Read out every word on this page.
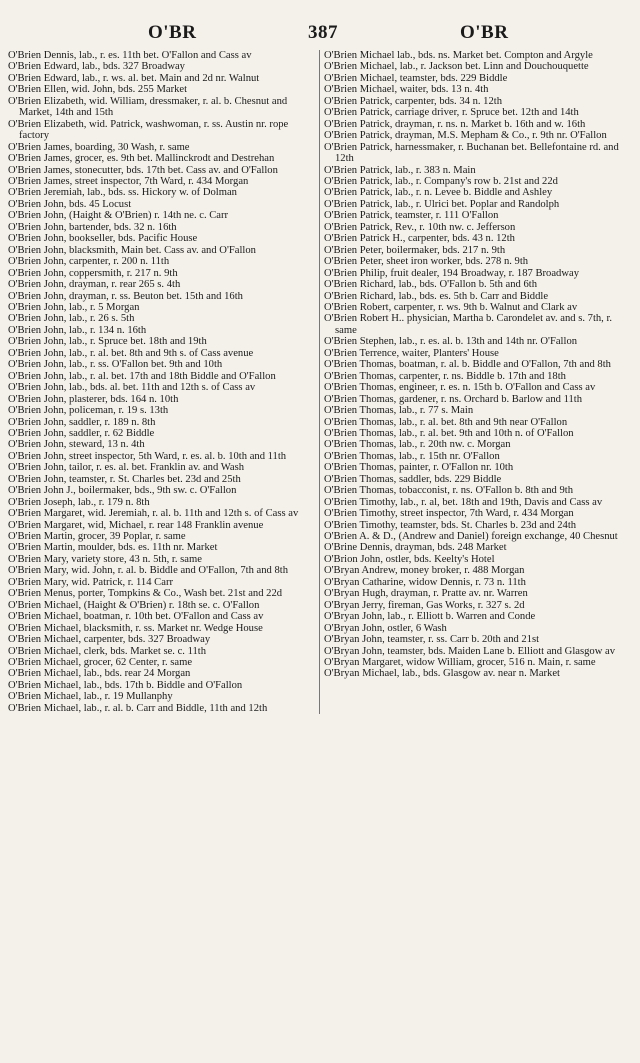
O'BR	387	O'BR

O'Brien Dennis, lab., r. es. 11th bet. O'Fallon and Cass av

O'Brien Edward, lab., bds. 327 Broadway

O'Brien Edward, lab., r. ws. al. bet. Main and 2d nr. Walnut

O'Brien Ellen, wid. John, bds. 255 Market

O'Brien Elizabeth, wid. William, dressmaker, r. al. b. Chesnut and Market, 14th and 15th

O'Brien Elizabeth, wid. Patrick, washwoman, r. ss. Austin nr. rope factory

O'Brien James, boarding, 30 Wash, r. same

O'Brien James, grocer, es. 9th bet. Mallinckrodt and Destrehan

O'Brien James, stonecutter, bds. 17th bet. Cass av. and O'Fallon

O'Brien James, street inspector, 7th Ward, r. 434 Morgan

O'Brien Jeremiah, lab., bds. ss. Hickory w. of Dolman

O'Brien John, bds. 45 Locust

O'Brien John, (Haight & O'Brien) r. 14th ne. c. Carr

O'Brien John, bartender, bds. 32 n. 16th

O'Brien John, bookseller, bds. Pacific House

O'Brien John, blacksmith, Main bet. Cass av. and O'Fallon

O'Brien John, carpenter, r. 200 n. 11th

O'Brien John, coppersmith, r. 217 n. 9th

O'Brien John, drayman, r. rear 265 s. 4th

O'Brien John, drayman, r. ss. Beuton bet. 15th and 16th

O'Brien John, lab., r. 5 Morgan

O'Brien John, lab., r. 26 s. 5th

O'Brien John, lab., r. 134 n. 16th

O'Brien John, lab., r. Spruce bet. 18th and 19th

O'Brien John, lab., r. al. bet. 8th and 9th s. of Cass avenue

O'Brien John, lab., r. ss. O'Fallon bet. 9th and 10th

O'Brien John, lab., r. al. bet. 17th and 18th Biddle and O'Fallon

O'Brien John, lab., bds. al. bet. 11th and 12th s. of Cass av

O'Brien John, plasterer, bds. 164 n. 10th

O'Brien John, policeman, r. 19 s. 13th

O'Brien John, saddler, r. 189 n. 8th

O'Brien John, saddler, r. 62 Biddle

O'Brien John, steward, 13 n. 4th

O'Brien John, street inspector, 5th Ward, r. es. al. b. 10th and 11th

O'Brien John, tailor, r. es. al. bet. Franklin av. and Wash

O'Brien John, teamster, r. St. Charles bet. 23d and 25th

O'Brien John J., boilermaker, bds., 9th sw. c. O'Fallon

O'Brien Joseph, lab., r. 179 n. 8th

O'Brien Margaret, wid. Jeremiah, r. al. b. 11th and 12th s. of Cass av

O'Brien Margaret, wid, Michael, r. rear 148 Franklin avenue

O'Brien Martin, grocer, 39 Poplar, r. same

O'Brien Martin, moulder, bds. es. 11th nr. Market

O'Brien Mary, variety store, 43 n. 5th, r. same

O'Brien Mary, wid. John, r. al. b. Biddle and O'Fallon, 7th and 8th

O'Brien Mary, wid. Patrick, r. 114 Carr

O'Brien Menus, porter, Tompkins & Co., Wash bet. 21st and 22d

O'Brien Michael, (Haight & O'Brien) r. 18th se. c. O'Fallon

O'Brien Michael, boatman, r. 10th bet. O'Fallon and Cass av

O'Brien Michael, blacksmith, r. ss. Market nr. Wedge House

O'Brien Michael, carpenter, bds. 327 Broadway

O'Brien Michael, clerk, bds. Market se. c. 11th

O'Brien Michael, grocer, 62 Center, r. same

O'Brien Michael, lab., bds. rear 24 Morgan

O'Brien Michael, lab., bds. 17th b. Biddle and O'Fallon

O'Brien Michael, lab., r. 19 Mullanphy

O'Brien Michael, lab., r. al. b. Carr and Biddle, 11th and 12th

O'Brien Michael lab., bds. ns. Market bet. Compton and Argyle

O'Brien Michael, lab., r. Jackson bet. Linn and Douchouquette

O'Brien Michael, teamster, bds. 229 Biddle

O'Brien Michael, waiter, bds. 13 n. 4th

O'Brien Patrick, carpenter, bds. 34 n. 12th

O'Brien Patrick, carriage driver, r. Spruce bet. 12th and 14th

O'Brien Patrick, drayman, r. ns. n. Market b. 16th and w. 16th

O'Brien Patrick, drayman, M.S. Mepham & Co., r. 9th nr. O'Fallon

O'Brien Patrick, harnessmaker, r. Buchanan bet. Bellefontaine rd. and 12th

O'Brien Patrick, lab., r. 383 n. Main

O'Brien Patrick, lab., r. Company's row b. 21st and 22d

O'Brien Patrick, lab., r. n. Levee b. Biddle and Ashley

O'Brien Patrick, lab., r. Ulrici bet. Poplar and Randolph

O'Brien Patrick, teamster, r. 111 O'Fallon

O'Brien Patrick, Rev., r. 10th nw. c. Jefferson

O'Brien Patrick H., carpenter, bds. 43 n. 12th

O'Brien Peter, boilermaker, bds. 217 n. 9th

O'Brien Peter, sheet iron worker, bds. 278 n. 9th

O'Brien Philip, fruit dealer, 194 Broadway, r. 187 Broadway

O'Brien Richard, lab., bds. O'Fallon b. 5th and 6th

O'Brien Richard, lab., bds. es. 5th b. Carr and Biddle

O'Brien Robert, carpenter, r. ws. 9th b. Walnut and Clark av

O'Brien Robert H.. physician, Martha b. Carondelet av. and s. 7th, r. same

O'Brien Stephen, lab., r. es. al. b. 13th and 14th nr. O'Fallon

O'Brien Terrence, waiter, Planters' House

O'Brien Thomas, boatman, r. al. b. Biddle and O'Fallon, 7th and 8th

O'Brien Thomas, carpenter, r. ns. Biddle b. 17th and 18th

O'Brien Thomas, engineer, r. es. n. 15th b. O'Fallon and Cass av

O'Brien Thomas, gardener, r. ns. Orchard b. Barlow and 11th

O'Brien Thomas, lab., r. 77 s. Main

O'Brien Thomas, lab., r. al. bet. 8th and 9th near O'Fallon

O'Brien Thomas, lab., r. al. bet. 9th and 10th n. of O'Fallon

O'Brien Thomas, lab., r. 20th nw. c. Morgan

O'Brien Thomas, lab., r. 15th nr. O'Fallon

O'Brien Thomas, painter, r. O'Fallon nr. 10th

O'Brien Thomas, saddler, bds. 229 Biddle

O'Brien Thomas, tobacconist, r. ns. O'Fallon b. 8th and 9th

O'Brien Timothy, lab., r. al, bet. 18th and 19th, Davis and Cass av

O'Brien Timothy, street inspector, 7th Ward, r. 434 Morgan

O'Brien Timothy, teamster, bds. St. Charles b. 23d and 24th

O'Brien A. & D., (Andrew and Daniel) foreign exchange, 40 Chesnut

O'Brine Dennis, drayman, bds. 248 Market

O'Brion John, ostler, bds. Keelty's Hotel

O'Bryan Andrew, money broker, r. 488 Morgan

O'Bryan Catharine, widow Dennis, r. 73 n. 11th

O'Bryan Hugh, drayman, r. Pratte av. nr. Warren

O'Bryan Jerry, fireman, Gas Works, r. 327 s. 2d

O'Bryan John, lab., r. Elliott b. Warren and Conde

O'Bryan John, ostler, 6 Wash

O'Bryan John, teamster, r. ss. Carr b. 20th and 21st

O'Bryan John, teamster, bds. Maiden Lane b. Elliott and Glasgow av

O'Bryan Margaret, widow William, grocer, 516 n. Main, r. same

O'Bryan Michael, lab., bds. Glasgow av. near n. Market
